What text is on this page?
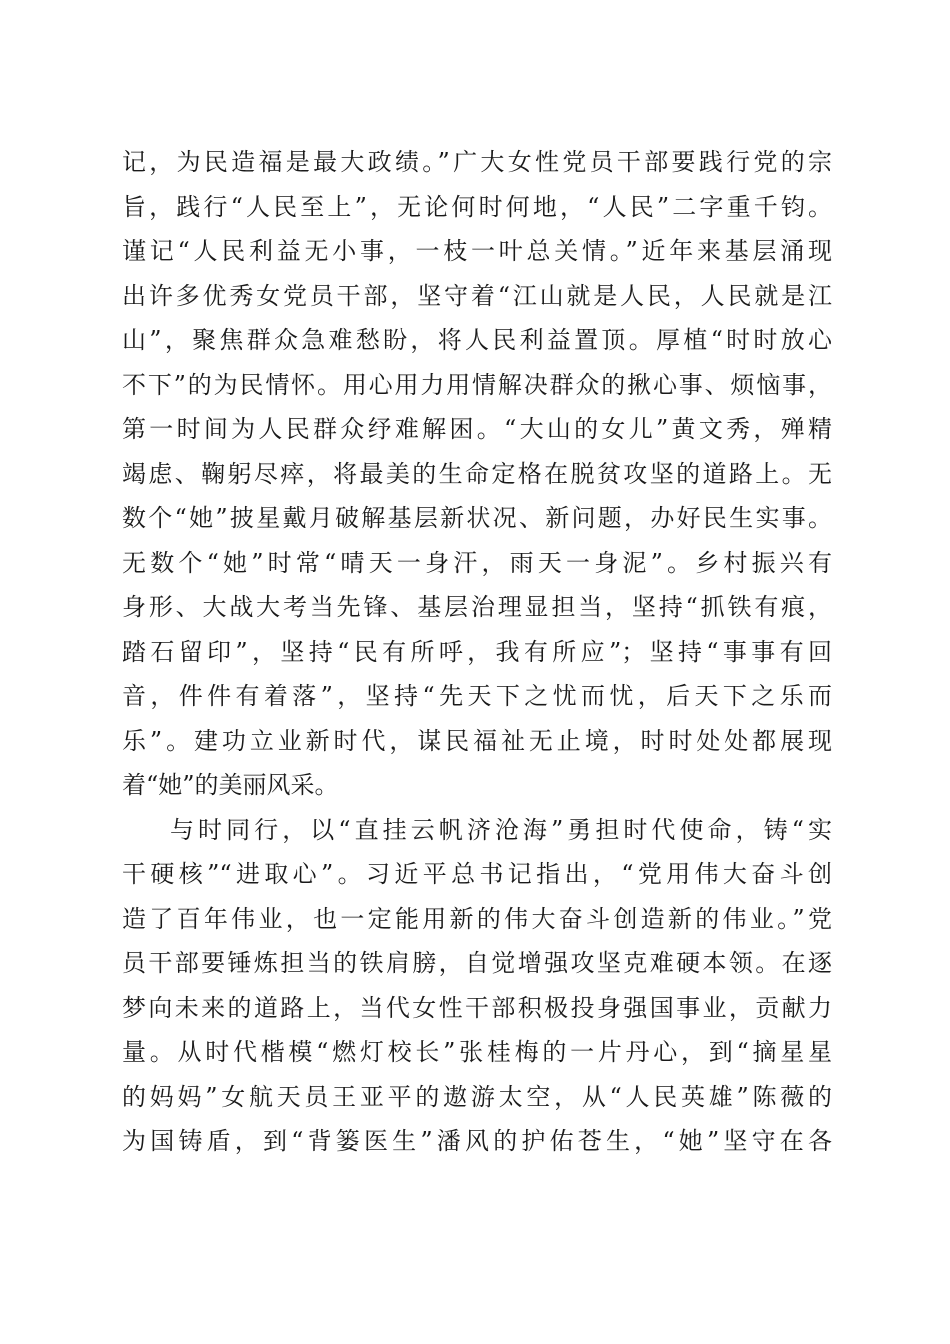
记，为民造福是最大政绩。”广大女性党员干部要践行党的宗
旨，践行“人民至上”，无论何时何地，“人民”二字重千钧。
谨记“人民利益无小事，一枝一叶总关情。”近年来基层涌现
出许多优秀女党员干部，坚守着“江山就是人民，人民就是江
山”，聚焦群众急难愁盼，将人民利益置顶。厚植“时时放心
不下”的为民情怀。用心用力用情解决群众的揪心事、烦恼事，
第一时间为人民群众纾难解困。“大山的女儿”黄文秀，殚精
竭虑、鞠躬尽瘁，将最美的生命定格在脱贫攻坚的道路上。无
数个“她”披星戴月破解基层新状况、新问题，办好民生实事。
无数个“她”时常“晴天一身汗，雨天一身泥”。乡村振兴有
身形、大战大考当先锋、基层治理显担当，坚持“抓铁有痕，
踏石留印”，坚持“民有所呼，我有所应”；坚持“事事有回
音，件件有着落”，坚持“先天下之忧而忧，后天下之乐而
乐”。建功立业新时代，谋民福祉无止境，时时处处都展现
着“她”的美丽风采。
与时同行，以“直挂云帆济沧海”勇担时代使命，铸“实
干硬核”“进取心”。习近平总书记指出，“党用伟大奋斗创
造了百年伟业，也一定能用新的伟大奋斗创造新的伟业。”党
员干部要锤炼担当的铁肩膀，自觉增强攻坚克难硬本领。在逐
梦向未来的道路上，当代女性干部积极投身强国事业，贡献力
量。从时代楷模“燃灯校长”张桂梅的一片丹心，到“摘星星
的妈妈”女航天员王亚平的遨游太空，从“人民英雄”陈薇的
为国铸盾，到“背篓医生”潘风的护佑苍生，“她”坚守在各
